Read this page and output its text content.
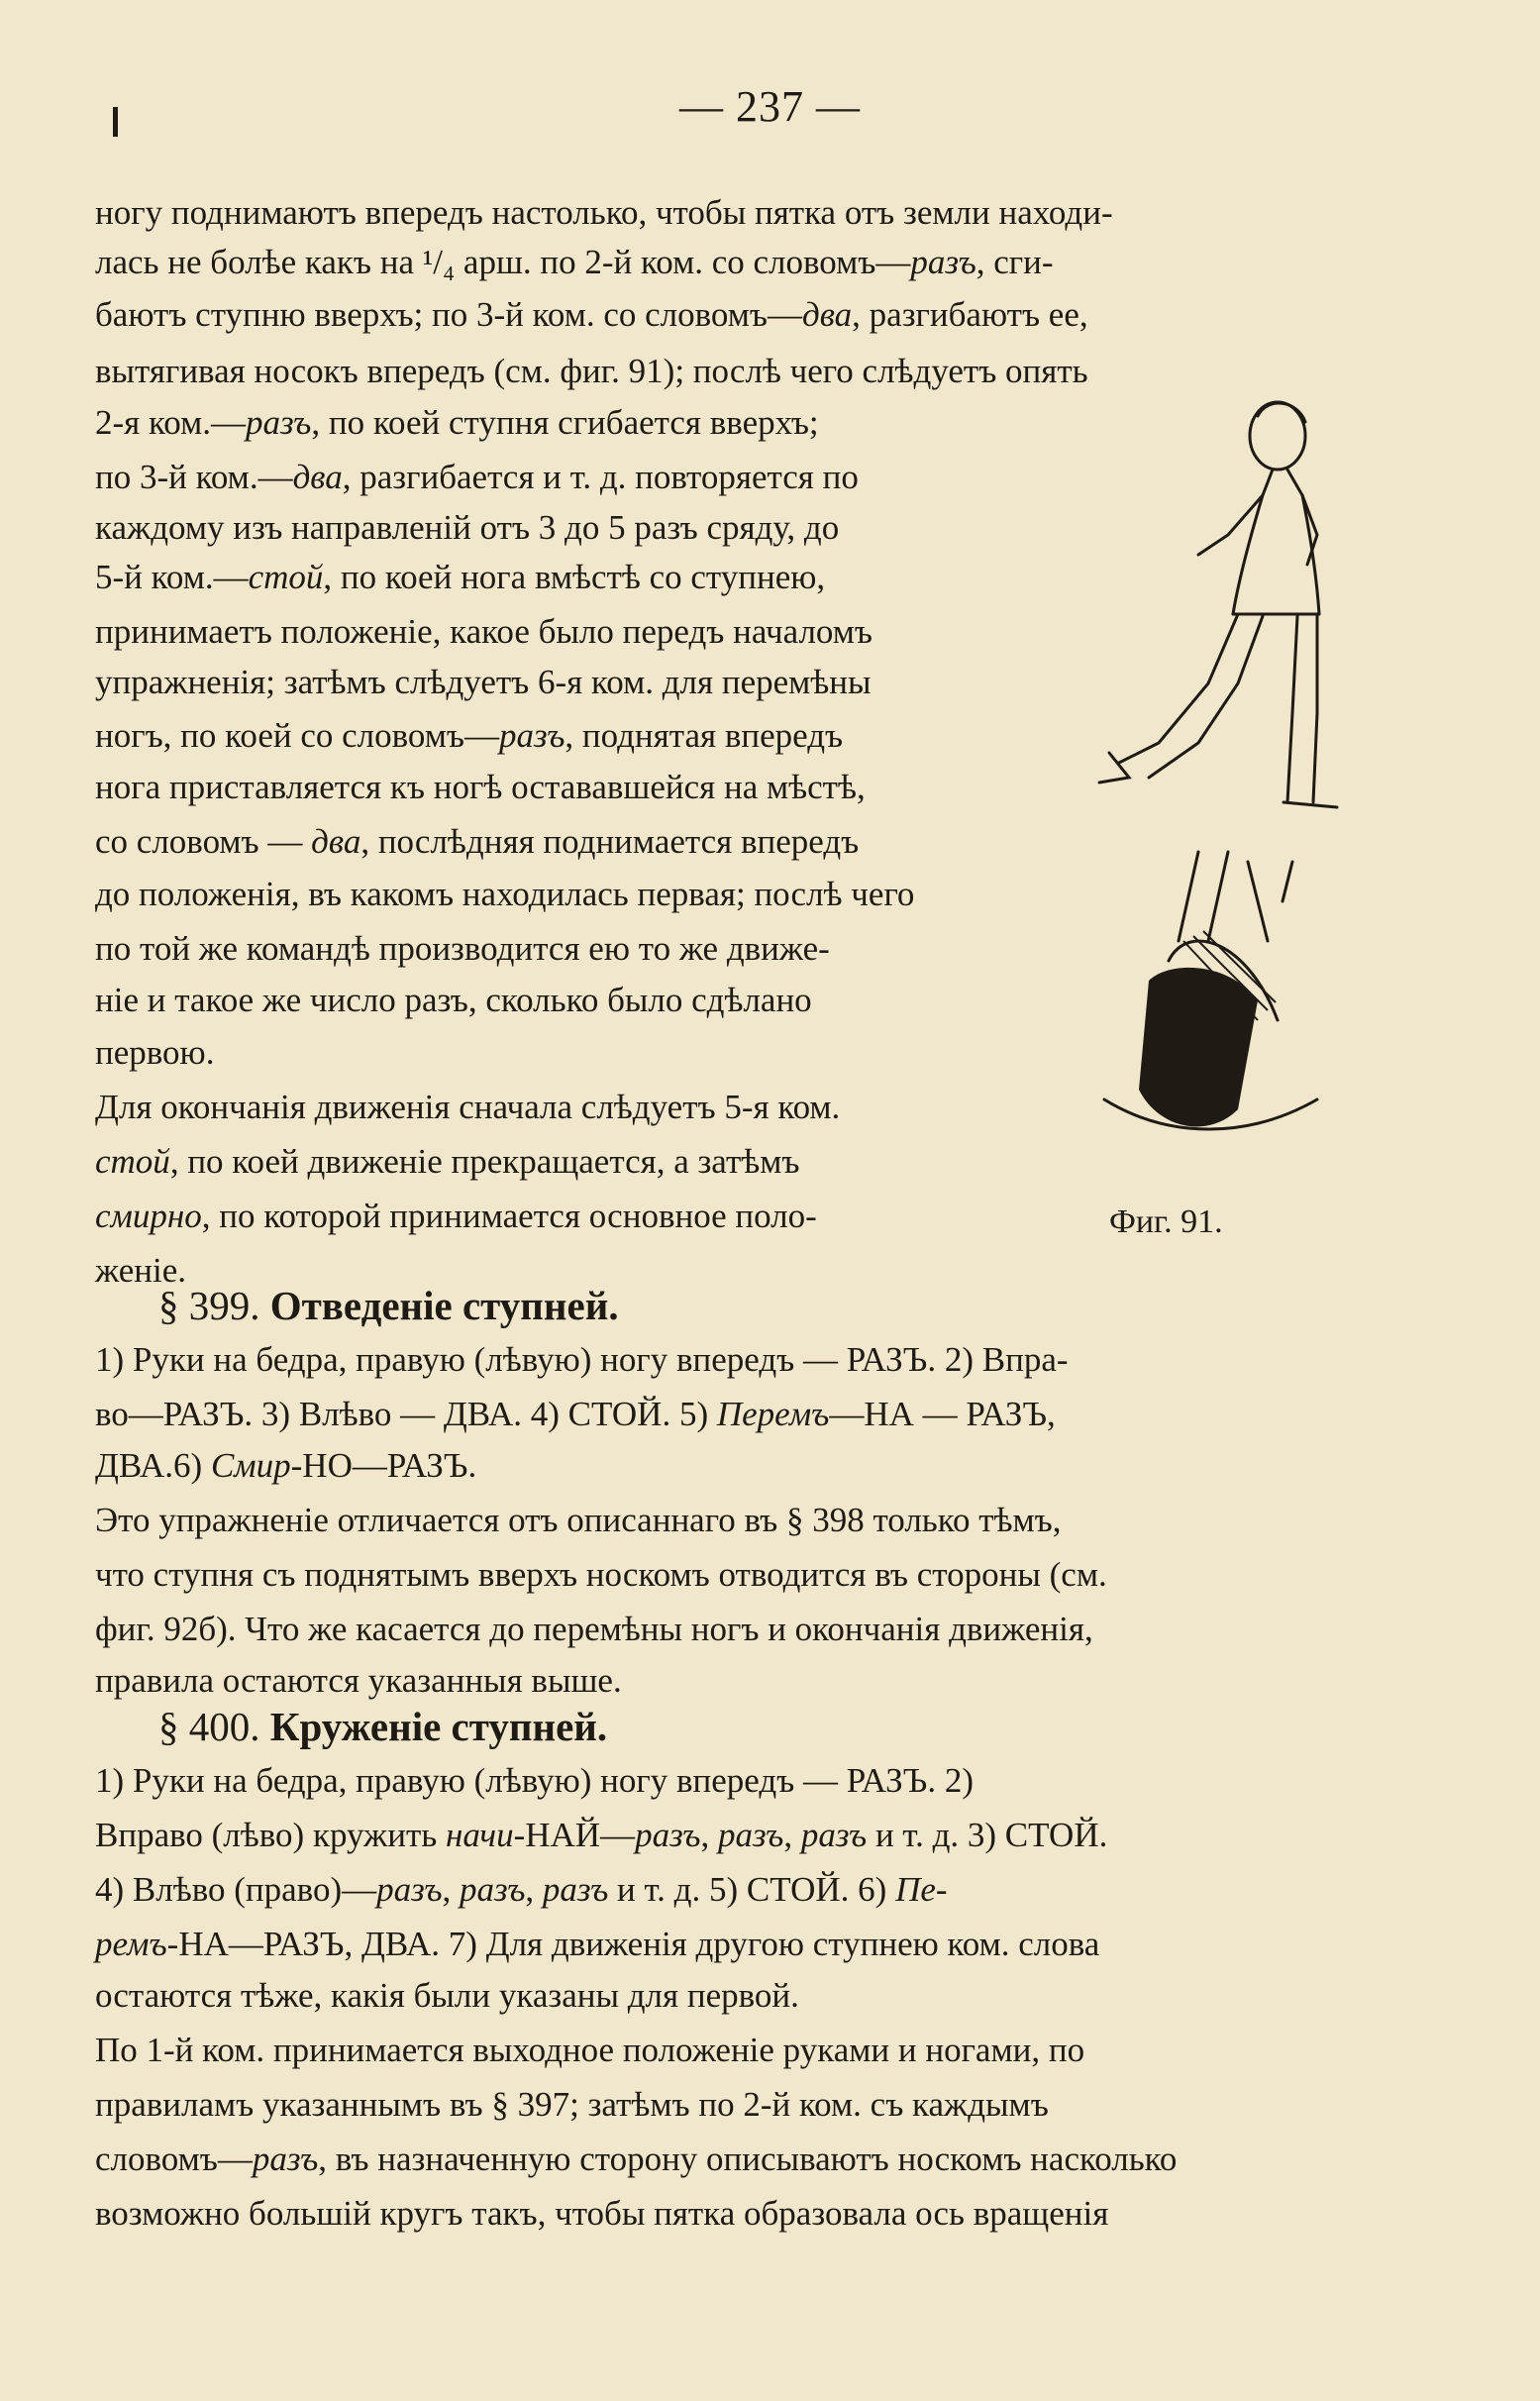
— 237 —
ногу поднимаютъ впередъ настолько, чтобы пятка отъ земли находи-
лась не болѣе какъ на ¹/₄ арш. по 2-й ком. со словомъ—разъ, сги-
баютъ ступню вверхъ; по 3-й ком. со словомъ—два, разгибаютъ ее,
вытягивая носокъ впередъ (см. фиг. 91); послѣ чего слѣдуетъ опять
2-я ком.—разъ, по коей ступня сгибается вверхъ;
по 3-й ком.—два, разгибается и т. д. повторяется по
каждому изъ направленій отъ 3 до 5 разъ сряду, до
5-й ком.—стой, по коей нога вмѣстѣ со ступнею,
принимаетъ положеніе, какое было передъ началомъ
упражненія; затѣмъ слѣдуетъ 6-я ком. для перемѣны
ногъ, по коей со словомъ—разъ, поднятая впередъ
нога приставляется къ ногѣ остававшейся на мѣстѣ,
со словомъ — два, послѣдняя поднимается впередъ
до положенія, въ какомъ находилась первая; послѣ чего
по той же командѣ производится ею то же движе-
ніе и такое же число разъ, сколько было сдѣлано
первою.
Для окончанія движенія сначала слѣдуетъ 5-я ком.
стой, по коей движеніе прекращается, а затѣмъ
смирно, по которой принимается основное поло-
женіе.
1) Руки на бедра, правую (лѣвую) ногу впередъ — РАЗЪ. 2) Впра-
во—РАЗЪ. 3) Влѣво — ДВА. 4) СТОЙ. 5) Перемъ—НА — РАЗЪ,
ДВА.6) Смир-НО—РАЗЪ.
Это упражненіе отличается отъ описаннаго въ § 398 только тѣмъ,
что ступня съ поднятымъ вверхъ носкомъ отводится въ стороны (см.
фиг. 92б). Что же касается до перемѣны ногъ и окончанія движенія,
правила остаются указанныя выше.
1) Руки на бедра, правую (лѣвую) ногу впередъ — РАЗЪ. 2)
Вправо (лѣво) кружить начи-НАЙ—разъ, разъ, разъ и т. д. 3) СТОЙ.
4) Влѣво (право)—разъ, разъ, разъ и т. д. 5) СТОЙ. 6) Пе-
ремъ-НА—РАЗЪ, ДВА. 7) Для движенія другою ступнею ком. слова
остаются тѣже, какія были указаны для первой.
По 1-й ком. принимается выходное положеніе руками и ногами, по
правиламъ указаннымъ въ § 397; затѣмъ по 2-й ком. съ каждымъ
словомъ—разъ, въ назначенную сторону описываютъ носкомъ насколько
возможно большій кругъ такъ, чтобы пятка образовала ось вращенія
§ 399. Отведеніе ступней.
§ 400. Круженіе ступней.
Фиг. 91.
